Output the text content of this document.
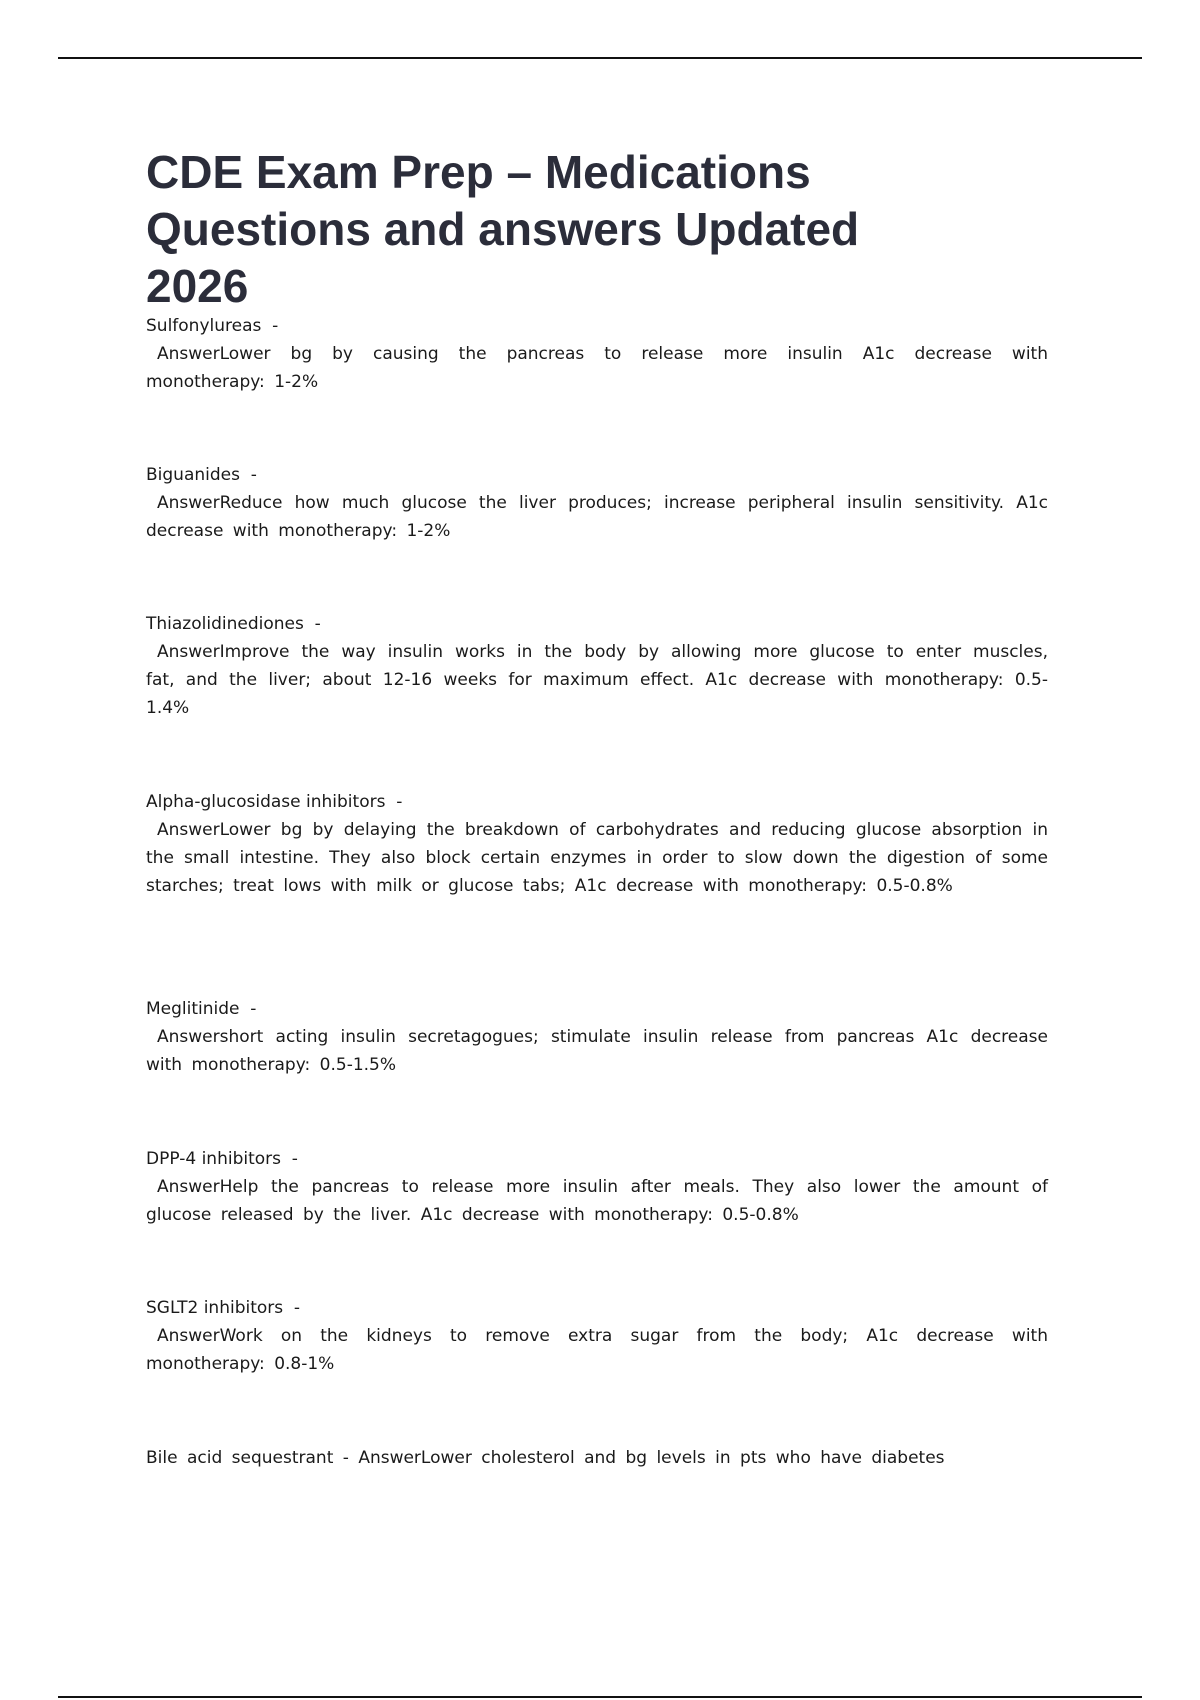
CDE Exam Prep – Medications Questions and answers Updated 2026
Sulfonylureas  -
AnswerLower bg by causing the pancreas to release more insulin A1c decrease with monotherapy: 1-2%
Biguanides  -
AnswerReduce how much glucose the liver produces; increase peripheral insulin sensitivity. A1c decrease with monotherapy: 1-2%
Thiazolidinediones  -
AnswerImprove the way insulin works in the body by allowing more glucose to enter muscles, fat, and the liver; about 12-16 weeks for maximum effect. A1c decrease with monotherapy: 0.5-1.4%
Alpha-glucosidase inhibitors  -
AnswerLower bg by delaying the breakdown of carbohydrates and reducing glucose absorption in the small intestine. They also block certain enzymes in order to slow down the digestion of some starches; treat lows with milk or glucose tabs; A1c decrease with monotherapy: 0.5-0.8%
Meglitinide  -
Answershort acting insulin secretagogues; stimulate insulin release from pancreas A1c decrease with monotherapy: 0.5-1.5%
DPP-4 inhibitors  -
AnswerHelp the pancreas to release more insulin after meals. They also lower the amount of glucose released by the liver. A1c decrease with monotherapy: 0.5-0.8%
SGLT2 inhibitors  -
AnswerWork on the kidneys to remove extra sugar from the body; A1c decrease with monotherapy: 0.8-1%
Bile acid sequestrant - AnswerLower cholesterol and bg levels in pts who have diabetes
